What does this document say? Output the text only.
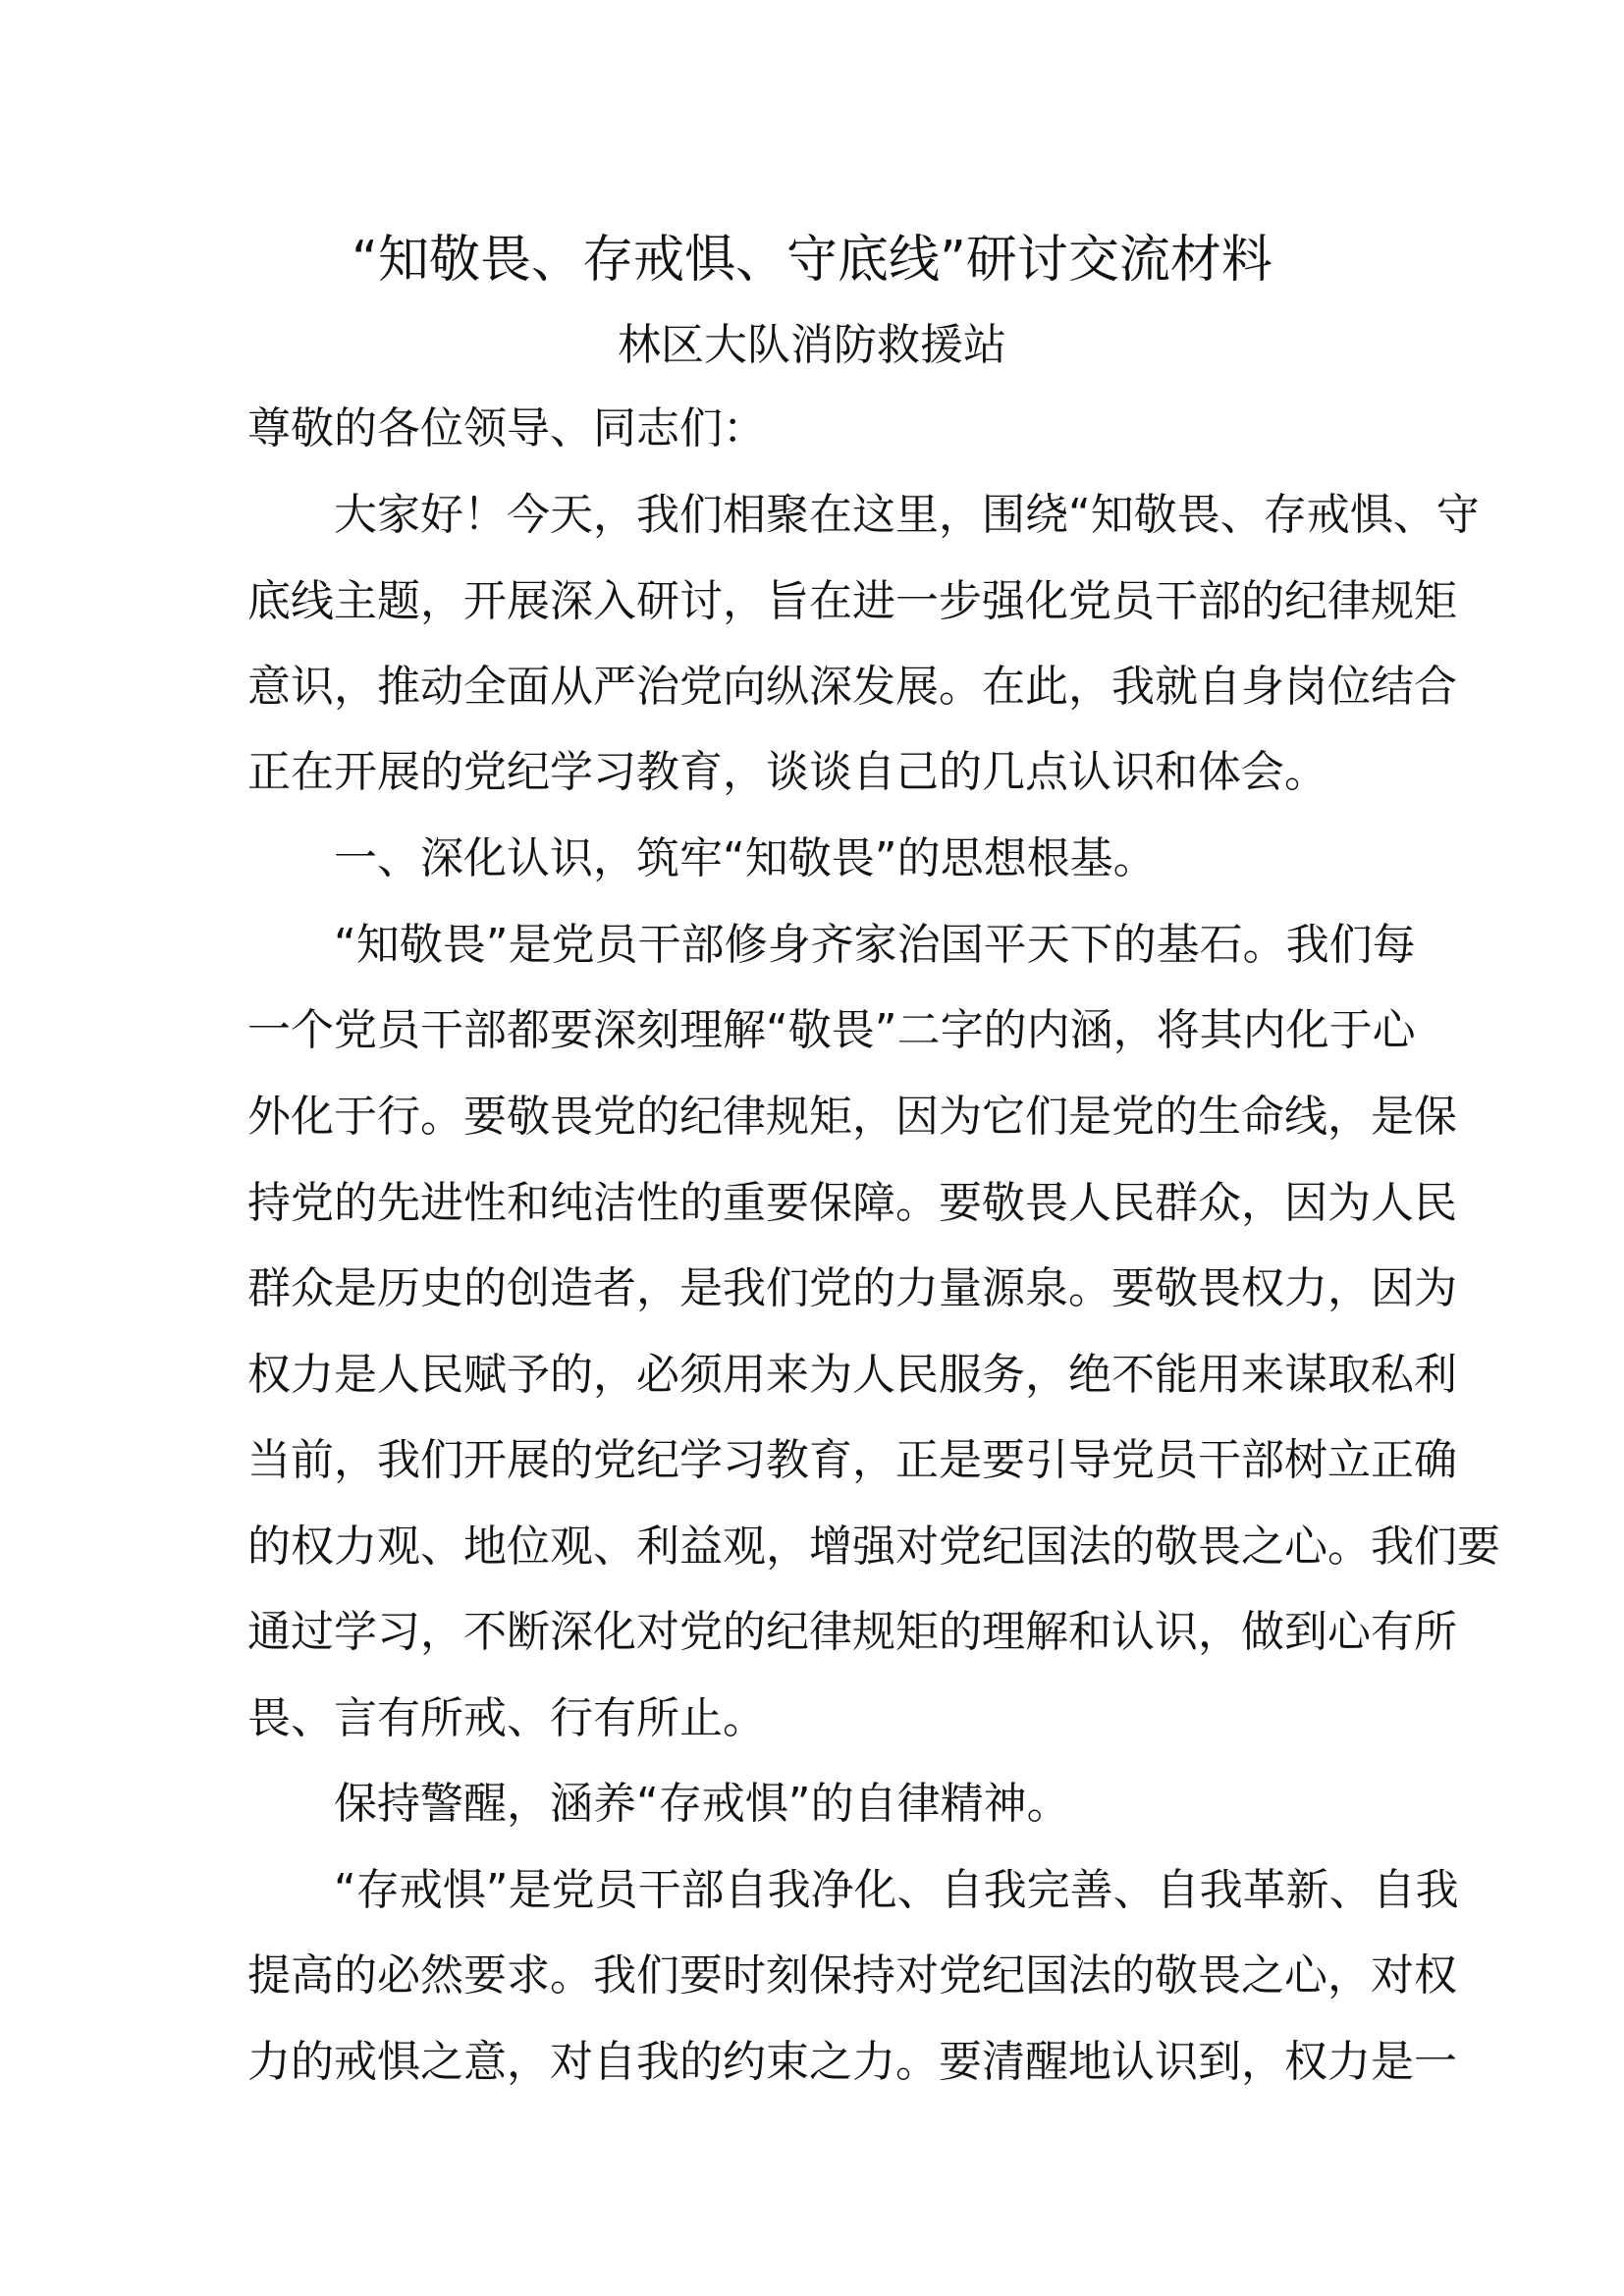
“知敬畏、存戒惧、守底线”研讨交流材料
林区大队消防救援站
尊敬的各位领导、同志们：
大家好！今天，我们相聚在这里，围绕“知敬畏、存戒惧、守
底线主题，开展深入研讨，旨在进一步强化党员干部的纪律规矩
意识，推动全面从严治党向纵深发展。在此，我就自身岗位结合
正在开展的党纪学习教育，谈谈自己的几点认识和体会。
一、深化认识，筑牢“知敬畏”的思想根基。
“知敬畏”是党员干部修身齐家治国平天下的基石。我们每
一个党员干部都要深刻理解“敬畏”二字的内涵，将其内化于心
外化于行。要敬畏党的纪律规矩，因为它们是党的生命线，是保
持党的先进性和纯洁性的重要保障。要敬畏人民群众，因为人民
群众是历史的创造者，是我们党的力量源泉。要敬畏权力，因为
权力是人民赋予的，必须用来为人民服务，绝不能用来谋取私利
当前，我们开展的党纪学习教育，正是要引导党员干部树立正确
的权力观、地位观、利益观，增强对党纪国法的敬畏之心。我们要
通过学习，不断深化对党的纪律规矩的理解和认识，做到心有所
畏、言有所戒、行有所止。
保持警醒，涵养“存戒惧”的自律精神。
“存戒惧”是党员干部自我净化、自我完善、自我革新、自我
提高的必然要求。我们要时刻保持对党纪国法的敬畏之心，对权
力的戒惧之意，对自我的约束之力。要清醒地认识到，权力是一
